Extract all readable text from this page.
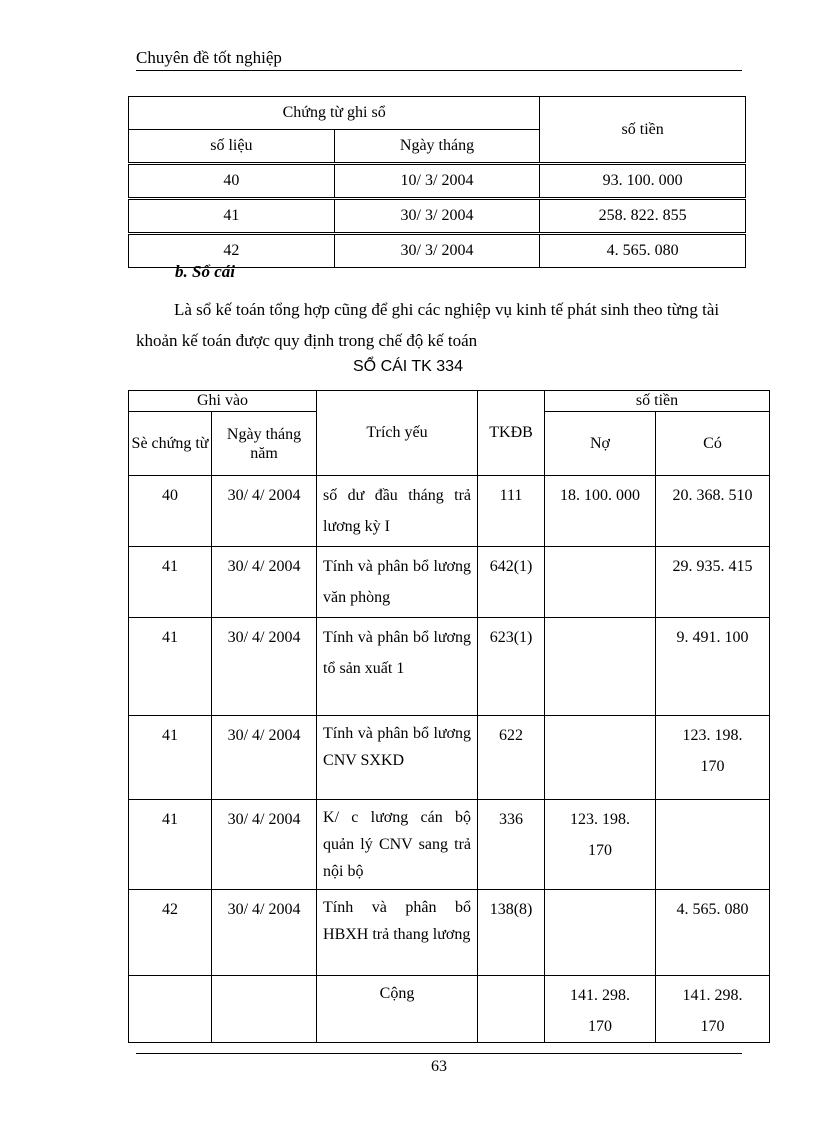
Chuyên đề tốt nghiệp
Chứng từ ghi sổ		số tiền
số liệu	Ngày tháng	
40	10/ 3/ 2004	93. 100. 000
41	30/ 3/ 2004	258. 822. 855
42	30/ 3/ 2004	4. 565. 080
b. Sổ cái
Là sổ kế toán tổng hợp cũng để ghi các nghiệp vụ kinh tế phát sinh theo từng tài khoản kế toán được quy định trong chế độ kế toán
SỔ CÁI TK 334
Ghi vào		Trích yếu	TKĐB	số tiền	
Sè chứng từ	Ngày tháng năm			Nợ	Có
40	30/ 4/ 2004	số dư đầu tháng trả lương kỳ I	111	18. 100. 000	20. 368. 510
41	30/ 4/ 2004	Tính và phân bổ lương văn phòng	642(1)		29. 935. 415
41	30/ 4/ 2004	Tính và phân bổ lương tổ sản xuất 1	623(1)		9. 491. 100
41	30/ 4/ 2004	Tính và phân bổ lương CNV SXKD	622		123. 198. 170
41	30/ 4/ 2004	K/ c lương cán bộ quản lý CNV sang trả nội bộ	336	123. 198. 170	
42	30/ 4/ 2004	Tính và phân bổ HBXH trả thang lương	138(8)		4. 565. 080
		Cộng		141. 298. 170	141. 298. 170
63
